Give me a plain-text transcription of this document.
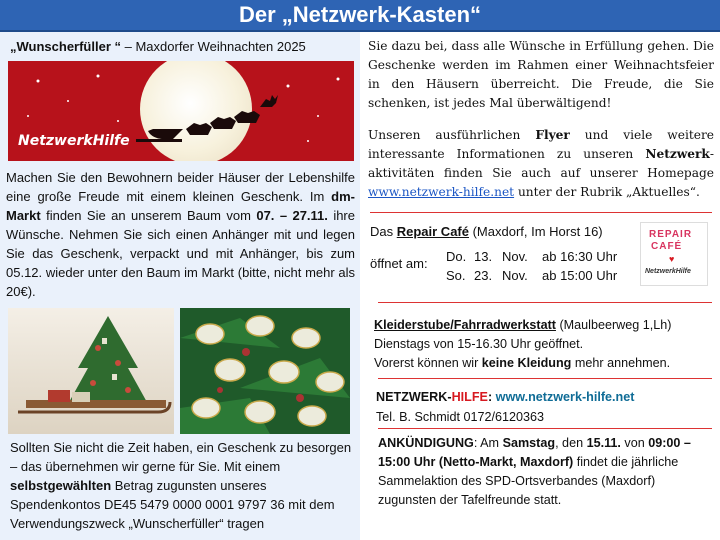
Der „Netzwerk-Kasten“
„Wunscherfüller “ – Maxdorfer Weihnachten 2025
NetzwerkHilfe
Machen Sie den Bewohnern beider Häuser der Lebenshilfe eine große Freude mit einem kleinen Geschenk. Im dm-Markt finden Sie an unserem Baum vom 07. – 27.11. ihre Wünsche. Nehmen Sie sich einen Anhänger mit und legen Sie das Geschenk, verpackt und mit Anhänger, bis zum 05.12. wieder unter den Baum im Markt (bitte, nicht mehr als 20€).
Sollten Sie nicht die Zeit haben, ein Geschenk zu besorgen – das übernehmen wir gerne für Sie. Mit einem selbstgewählten Betrag zugunsten unseres Spendenkontos DE45 5479 0000 0001 9797 36 mit dem Verwendungszweck „Wunscherfüller“ tragen
Sie dazu bei, dass alle Wünsche in Erfüllung gehen. Die Geschenke werden im Rahmen einer Weihnachtsfeier in den Häusern überreicht. Die Freude, die Sie schenken, ist jedes Mal überwältigend!
Unseren ausführlichen Flyer und viele weitere interessante Informationen zu unseren Netzwerk-aktivitäten finden Sie auch auf unserer Homepage www.netzwerk-hilfe.net unter der Rubrik „Aktuelles“.
Das Repair Café (Maxdorf, Im Horst 16)
öffnet am: Do. 13. Nov. ab 16:30 Uhr
So. 23. Nov. ab 15:00 Uhr
REPAIR
CAFÉ
♥
NetzwerkHilfe
Kleiderstube/Fahrradwerkstatt (Maulbeerweg 1,Lh)
Dienstags von 15-16.30 Uhr geöffnet.
Vorerst können wir keine Kleidung mehr annehmen.
NETZWERK-HILFE: www.netzwerk-hilfe.net
Tel. B. Schmidt 0172/6120363
ANKÜNDIGUNG: Am Samstag, den 15.11. von 09:00 – 15:00 Uhr (Netto-Markt, Maxdorf) findet die jährliche Sammelaktion des SPD-Ortsverbandes (Maxdorf) zugunsten der Tafelfreunde statt.
